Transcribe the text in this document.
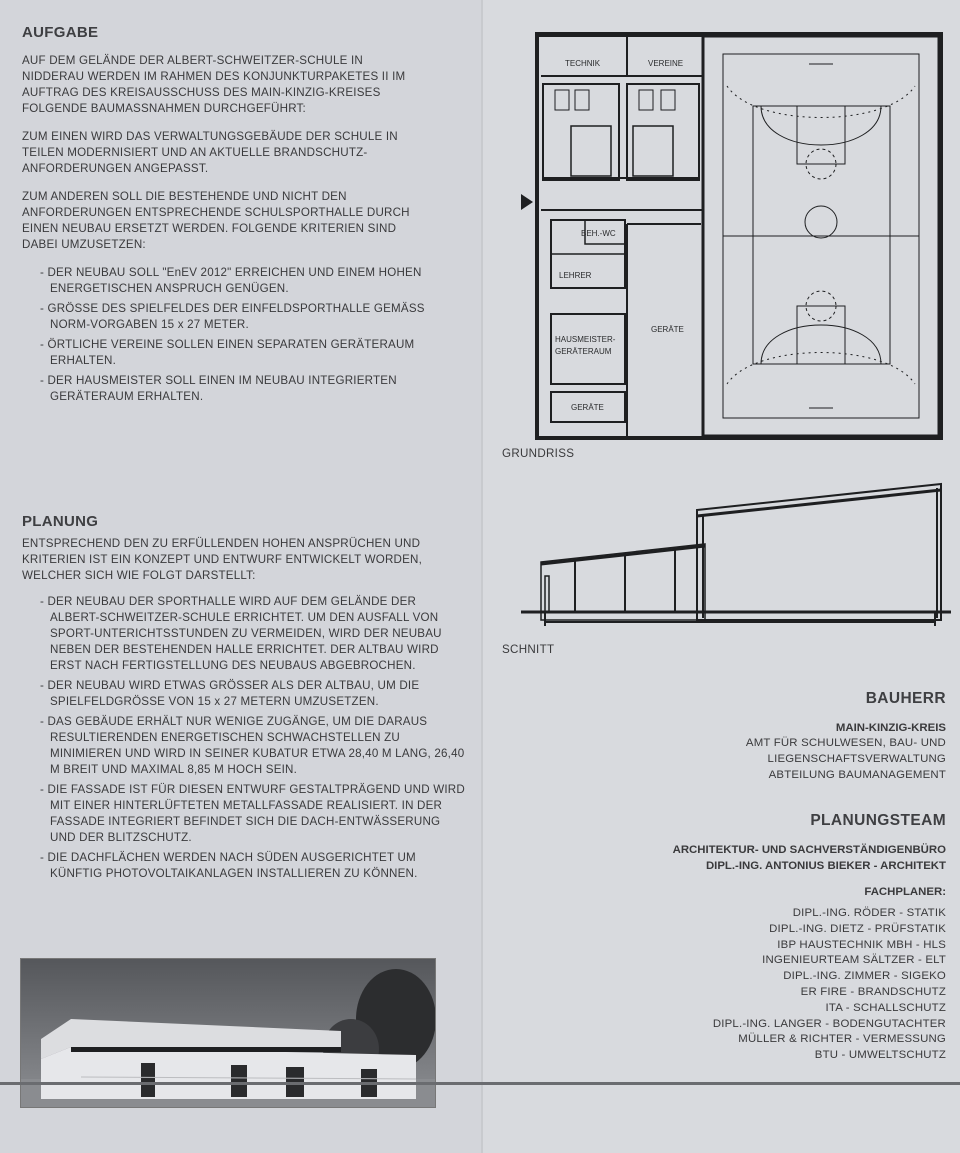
AUFGABE

AUF DEM GELÄNDE DER ALBERT-SCHWEITZER-SCHULE IN NIDDERAU WERDEN IM RAHMEN DES KONJUNKTURPAKETES II IM AUFTRAG DES KREISAUSSCHUSS DES MAIN-KINZIG-KREISES FOLGENDE BAUMASSNAHMEN DURCHGEFÜHRT:

ZUM EINEN WIRD DAS VERWALTUNGSGEBÄUDE DER SCHULE IN TEILEN MODERNISIERT UND AN AKTUELLE BRANDSCHUTZ-ANFORDERUNGEN ANGEPASST.

ZUM ANDEREN SOLL DIE BESTEHENDE UND NICHT DEN ANFORDERUNGEN ENTSPRECHENDE SCHULSPORTHALLE DURCH EINEN NEUBAU ERSETZT WERDEN. FOLGENDE KRITERIEN SIND DABEI UMZUSETZEN:

- DER NEUBAU SOLL "EnEV 2012" ERREICHEN UND EINEM HOHEN ENERGETISCHEN ANSPRUCH GENÜGEN.
- GRÖSSE DES SPIELFELDES DER EINFELDSPORTHALLE GEMÄSS NORM-VORGABEN 15 x 27 METER.
- ÖRTLICHE VEREINE SOLLEN EINEN SEPARATEN GERÄTERAUM ERHALTEN.
- DER HAUSMEISTER SOLL EINEN IM NEUBAU INTEGRIERTEN GERÄTERAUM ERHALTEN.
PLANUNG

ENTSPRECHEND DEN ZU ERFÜLLENDEN HOHEN ANSPRÜCHEN UND KRITERIEN IST EIN KONZEPT UND ENTWURF ENTWICKELT WORDEN, WELCHER SICH WIE FOLGT DARSTELLT:

- DER NEUBAU DER SPORTHALLE WIRD AUF DEM GELÄNDE DER ALBERT-SCHWEITZER-SCHULE ERRICHTET. UM DEN AUSFALL VON SPORT-UNTERICHTSSTUNDEN ZU VERMEIDEN, WIRD DER NEUBAU NEBEN DER BESTEHENDEN HALLE ERRICHTET. DER ALTBAU WIRD ERST NACH FERTIGSTELLUNG DES NEUBAUS ABGEBROCHEN.
- DER NEUBAU WIRD ETWAS GRÖSSER ALS DER ALTBAU, UM DIE SPIELFELDGRÖSSE VON 15 x 27 METERN UMZUSETZEN.
- DAS GEBÄUDE ERHÄLT NUR WENIGE ZUGÄNGE, UM DIE DARAUS RESULTIERENDEN ENERGETISCHEN SCHWACHSTELLEN ZU MINIMIEREN UND WIRD IN SEINER KUBATUR ETWA 28,40 M LANG, 26,40 M BREIT UND MAXIMAL 8,85 M HOCH SEIN.
- DIE FASSADE IST FÜR DIESEN ENTWURF GESTALTPRÄGEND UND WIRD MIT EINER HINTERLÜFTETEN METALLFASSADE REALISIERT. IN DER FASSADE INTEGRIERT BEFINDET SICH DIE DACH-ENTWÄSSERUNG UND DER BLITZSCHUTZ.
- DIE DACHFLÄCHEN WERDEN NACH SÜDEN AUSGERICHTET UM KÜNFTIG PHOTOVOLTAIKANLAGEN INSTALLIEREN ZU KÖNNEN.
TECHNIK	VEREINE
BEH.-WC
LEHRER
HAUSMEISTER-
GERÄTERAUM
GERÄTE
GERÄTE
GRUNDRISS
SCHNITT

BAUHERR

MAIN-KINZIG-KREIS

AMT FÜR SCHULWESEN, BAU- UND

LIEGENSCHAFTSVERWALTUNG

ABTEILUNG BAUMANAGEMENT

PLANUNGSTEAM

ARCHITEKTUR- UND SACHVERSTÄNDIGENBÜRO

DIPL.-ING. ANTONIUS BIEKER - ARCHITEKT

FACHPLANER:

DIPL.-ING. RÖDER - STATIK

DIPL.-ING. DIETZ - PRÜFSTATIK

IBP HAUSTECHNIK MBH - HLS

INGENIEURTEAM SÄLTZER - ELT

DIPL.-ING. ZIMMER - SIGEKO

ER FIRE - BRANDSCHUTZ

ITA - SCHALLSCHUTZ

DIPL.-ING. LANGER - BODENGUTACHTER

MÜLLER & RICHTER - VERMESSUNG

BTU - UMWELTSCHUTZ
